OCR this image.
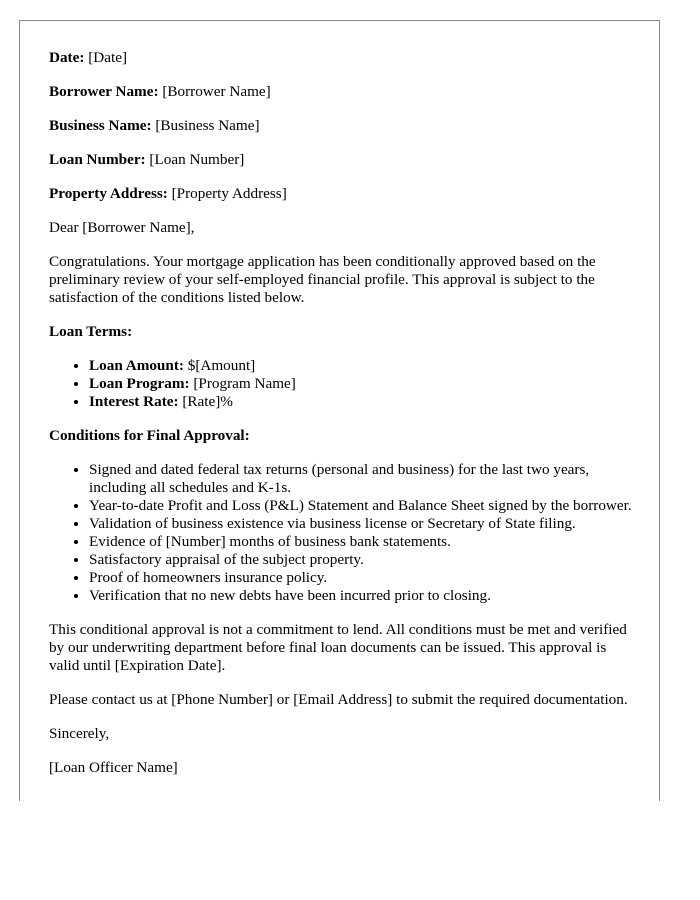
Date: [Date]

Borrower Name: [Borrower Name]

Business Name: [Business Name]

Loan Number: [Loan Number]

Property Address: [Property Address]

Dear [Borrower Name],

Congratulations. Your mortgage application has been conditionally approved based on the preliminary review of your self-employed financial profile. This approval is subject to the satisfaction of the conditions listed below.

Loan Terms:

• Loan Amount: $[Amount]
• Loan Program: [Program Name]
• Interest Rate: [Rate]%

Conditions for Final Approval:

• Signed and dated federal tax returns (personal and business) for the last two years, including all schedules and K-1s.
• Year-to-date Profit and Loss (P&L) Statement and Balance Sheet signed by the borrower.
• Validation of business existence via business license or Secretary of State filing.
• Evidence of [Number] months of business bank statements.
• Satisfactory appraisal of the subject property.
• Proof of homeowners insurance policy.
• Verification that no new debts have been incurred prior to closing.

This conditional approval is not a commitment to lend. All conditions must be met and verified by our underwriting department before final loan documents can be issued. This approval is valid until [Expiration Date].

Please contact us at [Phone Number] or [Email Address] to submit the required documentation.

Sincerely,

[Loan Officer Name]
